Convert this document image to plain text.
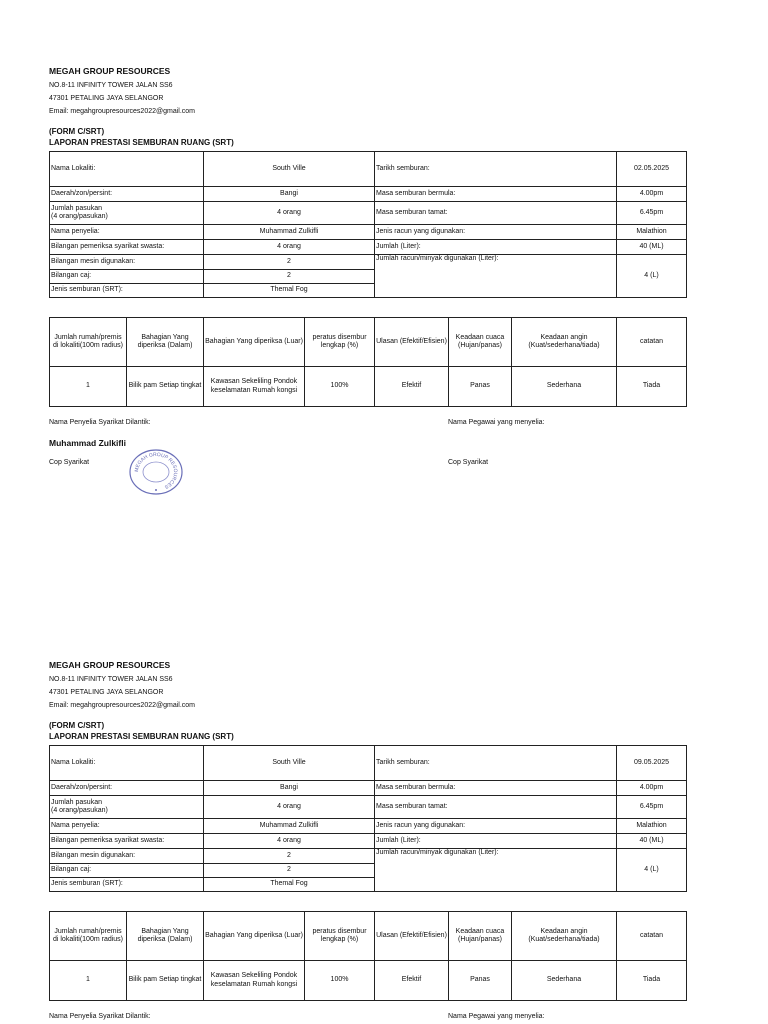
MEGAH GROUP RESOURCES
NO.8-11 INFINITY TOWER JALAN SS6
47301 PETALING JAYA SELANGOR
Email: megahgroupresources2022@gmail.com
(FORM C/SRT)
LAPORAN PRESTASI SEMBURAN RUANG (SRT)
Nama Lokaliti:	South Ville	Tarikh semburan:	02.05.2025
Daerah/zon/persint:	Bangi	Masa semburan bermula:	4.00pm
Jumlah pasukan
(4 orang/pasukan)	4 orang	Masa semburan tamat:	6.45pm
Nama penyelia:	Muhammad Zulkifli	Jenis racun yang digunakan:	Malathion
Bilangan pemeriksa syarikat swasta:	4 orang	Jumlah (Liter):	40 (ML)
Bilangan mesin digunakan:	2	Jumlah racun/minyak digunakan (Liter):	4 (L)
Bilangan caj:	2		
Jenis semburan (SRT):	Themal Fog		
Jumlah rumah/premis di lokaliti(100m radius)	Bahagian Yang diperiksa (Dalam)	Bahagian Yang diperiksa (Luar)	peratus disembur lengkap (%)	Ulasan (Efektif/Efisien)	Keadaan cuaca (Hujan/panas)	Keadaan angin (Kuat/sederhana/tiada)	catatan
1	Bilik pam Setiap tingkat	Kawasan Sekeliling Pondok keselamatan Rumah kongsi	100%	Efektif	Panas	Sederhana	Tiada
Nama Penyelia Syarikat Dilantik:	Nama Pegawai yang menyelia:
Muhammad Zulkifli
Cop Syarikat	Cop Syarikat
MEGAH GROUP RESOURCES
MEGAH GROUP RESOURCES
NO.8-11 INFINITY TOWER JALAN SS6
47301 PETALING JAYA SELANGOR
Email: megahgroupresources2022@gmail.com
(FORM C/SRT)
LAPORAN PRESTASI SEMBURAN RUANG (SRT)
Nama Lokaliti:	South Ville	Tarikh semburan:	09.05.2025
Daerah/zon/persint:	Bangi	Masa semburan bermula:	4.00pm
Jumlah pasukan
(4 orang/pasukan)	4 orang	Masa semburan tamat:	6.45pm
Nama penyelia:	Muhammad Zulkifli	Jenis racun yang digunakan:	Malathion
Bilangan pemeriksa syarikat swasta:	4 orang	Jumlah (Liter):	40 (ML)
Bilangan mesin digunakan:	2	Jumlah racun/minyak digunakan (Liter):	4 (L)
Bilangan caj:	2		
Jenis semburan (SRT):	Themal Fog		
Jumlah rumah/premis di lokaliti(100m radius)	Bahagian Yang diperiksa (Dalam)	Bahagian Yang diperiksa (Luar)	peratus disembur lengkap (%)	Ulasan (Efektif/Efisien)	Keadaan cuaca (Hujan/panas)	Keadaan angin (Kuat/sederhana/tiada)	catatan
1	Bilik pam Setiap tingkat	Kawasan Sekeliling Pondok keselamatan Rumah kongsi	100%	Efektif	Panas	Sederhana	Tiada
Nama Penyelia Syarikat Dilantik:	Nama Pegawai yang menyelia:
